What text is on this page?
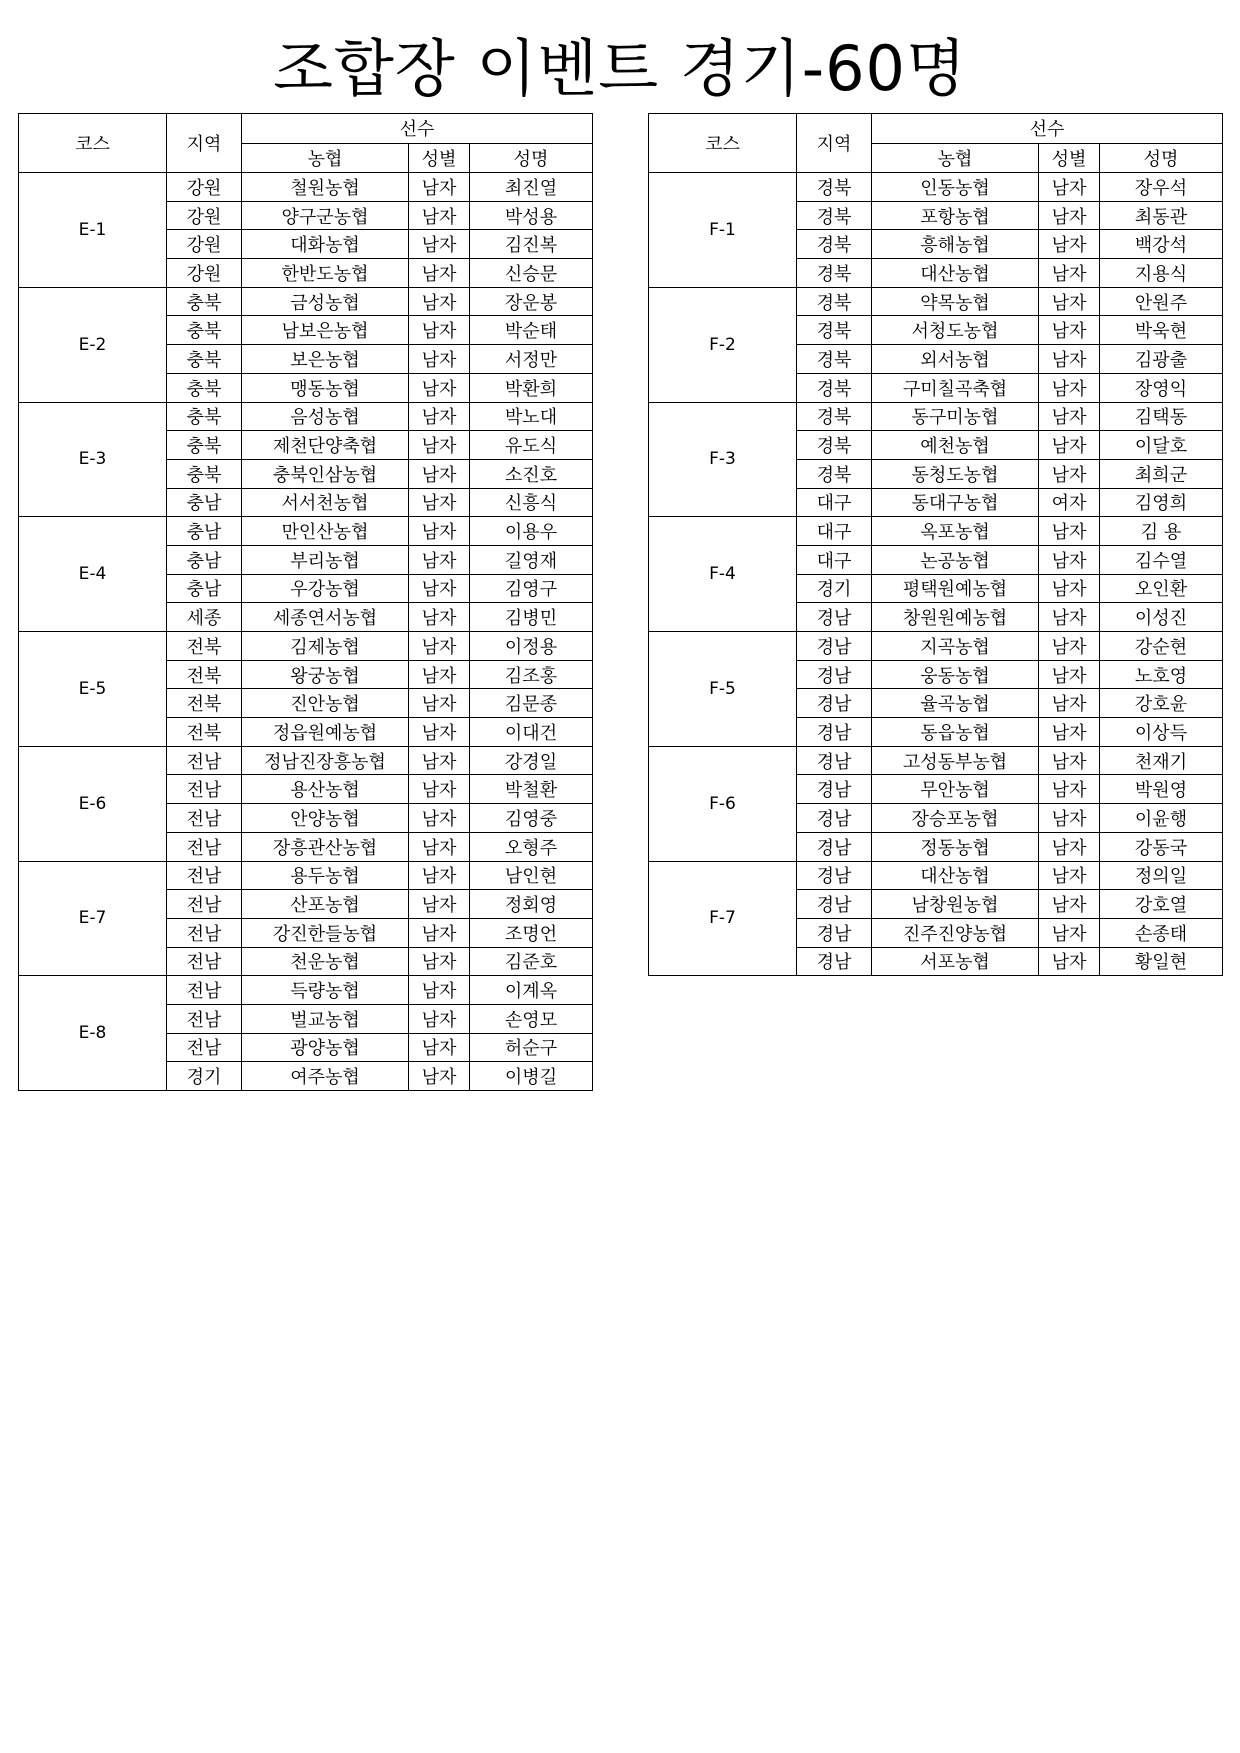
조합장 이벤트 경기-60명
코스	지역	선수		
		농협	성별	성명
E-1	강원	철원농협	남자	최진열
	강원	양구군농협	남자	박성용
	강원	대화농협	남자	김진복
	강원	한반도농협	남자	신승문
E-2	충북	금성농협	남자	장운봉
	충북	남보은농협	남자	박순태
	충북	보은농협	남자	서정만
	충북	맹동농협	남자	박환희
E-3	충북	음성농협	남자	박노대
	충북	제천단양축협	남자	유도식
	충북	충북인삼농협	남자	소진호
	충남	서서천농협	남자	신흥식
E-4	충남	만인산농협	남자	이용우
	충남	부리농협	남자	길영재
	충남	우강농협	남자	김영구
	세종	세종연서농협	남자	김병민
E-5	전북	김제농협	남자	이정용
	전북	왕궁농협	남자	김조홍
	전북	진안농협	남자	김문종
	전북	정읍원예농협	남자	이대건
E-6	전남	정남진장흥농협	남자	강경일
	전남	용산농협	남자	박철환
	전남	안양농협	남자	김영중
	전남	장흥관산농협	남자	오형주
E-7	전남	용두농협	남자	남인현
	전남	산포농협	남자	정회영
	전남	강진한들농협	남자	조명언
	전남	천운농협	남자	김준호
E-8	전남	득량농협	남자	이계옥
	전남	벌교농협	남자	손영모
	전남	광양농협	남자	허순구
	경기	여주농협	남자	이병길
코스	지역	선수		
		농협	성별	성명
F-1	경북	인동농협	남자	장우석
	경북	포항농협	남자	최동관
	경북	흥해농협	남자	백강석
	경북	대산농협	남자	지용식
F-2	경북	약목농협	남자	안원주
	경북	서청도농협	남자	박욱현
	경북	외서농협	남자	김광출
	경북	구미칠곡축협	남자	장영익
F-3	경북	동구미농협	남자	김택동
	경북	예천농협	남자	이달호
	경북	동청도농협	남자	최희군
	대구	동대구농협	여자	김영희
F-4	대구	옥포농협	남자	김 용
	대구	논공농협	남자	김수열
	경기	평택원예농협	남자	오인환
	경남	창원원예농협	남자	이성진
F-5	경남	지곡농협	남자	강순현
	경남	웅동농협	남자	노호영
	경남	율곡농협	남자	강호윤
	경남	동읍농협	남자	이상득
F-6	경남	고성동부농협	남자	천재기
	경남	무안농협	남자	박원영
	경남	장승포농협	남자	이윤행
	경남	정동농협	남자	강동국
F-7	경남	대산농협	남자	정의일
	경남	남창원농협	남자	강호열
	경남	진주진양농협	남자	손종태
	경남	서포농협	남자	황일현
